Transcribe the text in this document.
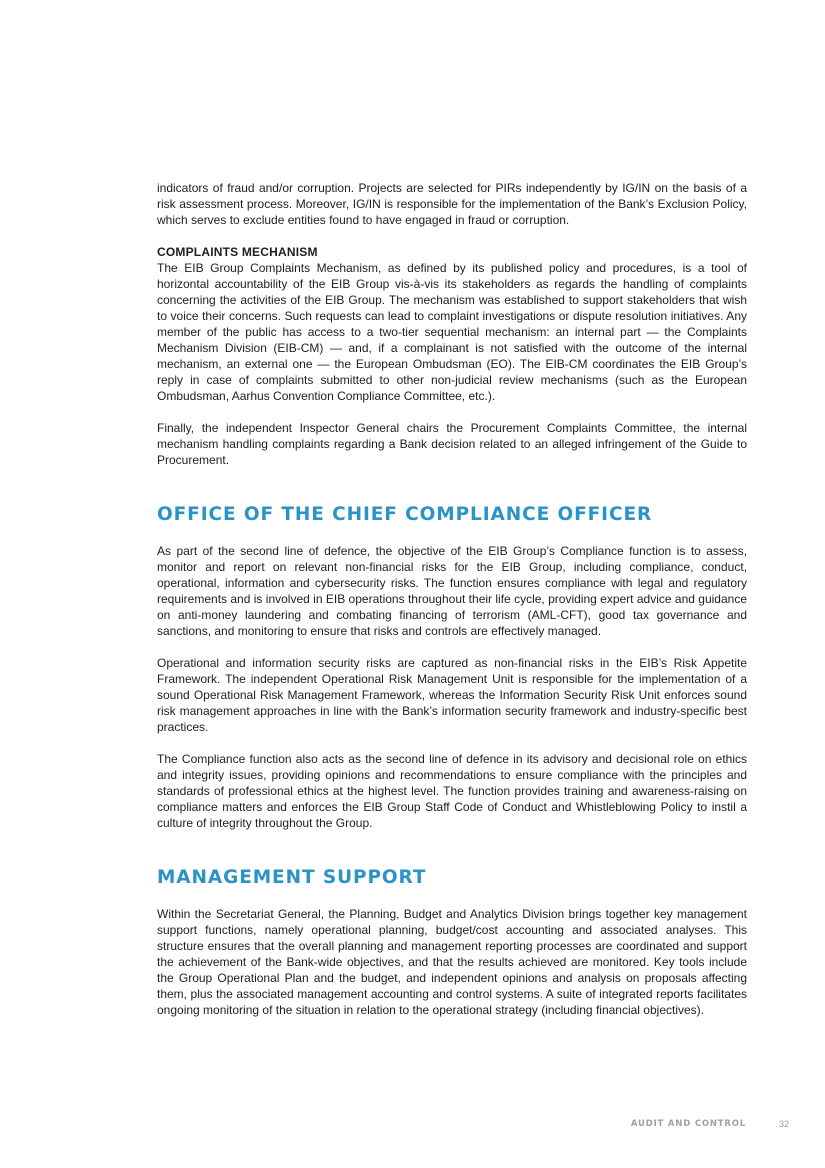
indicators of fraud and/or corruption. Projects are selected for PIRs independently by IG/IN on the basis of a risk assessment process. Moreover, IG/IN is responsible for the implementation of the Bank’s Exclusion Policy, which serves to exclude entities found to have engaged in fraud or corruption.

COMPLAINTS MECHANISM

The EIB Group Complaints Mechanism, as defined by its published policy and procedures, is a tool of horizontal accountability of the EIB Group vis-à-vis its stakeholders as regards the handling of complaints concerning the activities of the EIB Group. The mechanism was established to support stakeholders that wish to voice their concerns. Such requests can lead to complaint investigations or dispute resolution initiatives. Any member of the public has access to a two-tier sequential mechanism: an internal part — the Complaints Mechanism Division (EIB-CM) — and, if a complainant is not satisfied with the outcome of the internal mechanism, an external one — the European Ombudsman (EO). The EIB-CM coordinates the EIB Group’s reply in case of complaints submitted to other non-judicial review mechanisms (such as the European Ombudsman, Aarhus Convention Compliance Committee, etc.).

Finally, the independent Inspector General chairs the Procurement Complaints Committee, the internal mechanism handling complaints regarding a Bank decision related to an alleged infringement of the Guide to Procurement.

OFFICE OF THE CHIEF COMPLIANCE OFFICER

As part of the second line of defence, the objective of the EIB Group’s Compliance function is to assess, monitor and report on relevant non-financial risks for the EIB Group, including compliance, conduct, operational, information and cybersecurity risks. The function ensures compliance with legal and regulatory requirements and is involved in EIB operations throughout their life cycle, providing expert advice and guidance on anti-money laundering and combating financing of terrorism (AML-CFT), good tax governance and sanctions, and monitoring to ensure that risks and controls are effectively managed.

Operational and information security risks are captured as non-financial risks in the EIB’s Risk Appetite Framework. The independent Operational Risk Management Unit is responsible for the implementation of a sound Operational Risk Management Framework, whereas the Information Security Risk Unit enforces sound risk management approaches in line with the Bank’s information security framework and industry-specific best practices.

The Compliance function also acts as the second line of defence in its advisory and decisional role on ethics and integrity issues, providing opinions and recommendations to ensure compliance with the principles and standards of professional ethics at the highest level. The function provides training and awareness-raising on compliance matters and enforces the EIB Group Staff Code of Conduct and Whistleblowing Policy to instil a culture of integrity throughout the Group.

MANAGEMENT SUPPORT

Within the Secretariat General, the Planning, Budget and Analytics Division brings together key management support functions, namely operational planning, budget/cost accounting and associated analyses. This structure ensures that the overall planning and management reporting processes are coordinated and support the achievement of the Bank-wide objectives, and that the results achieved are monitored. Key tools include the Group Operational Plan and the budget, and independent opinions and analysis on proposals affecting them, plus the associated management accounting and control systems. A suite of integrated reports facilitates ongoing monitoring of the situation in relation to the operational strategy (including financial objectives).

AUDIT AND CONTROL	32
